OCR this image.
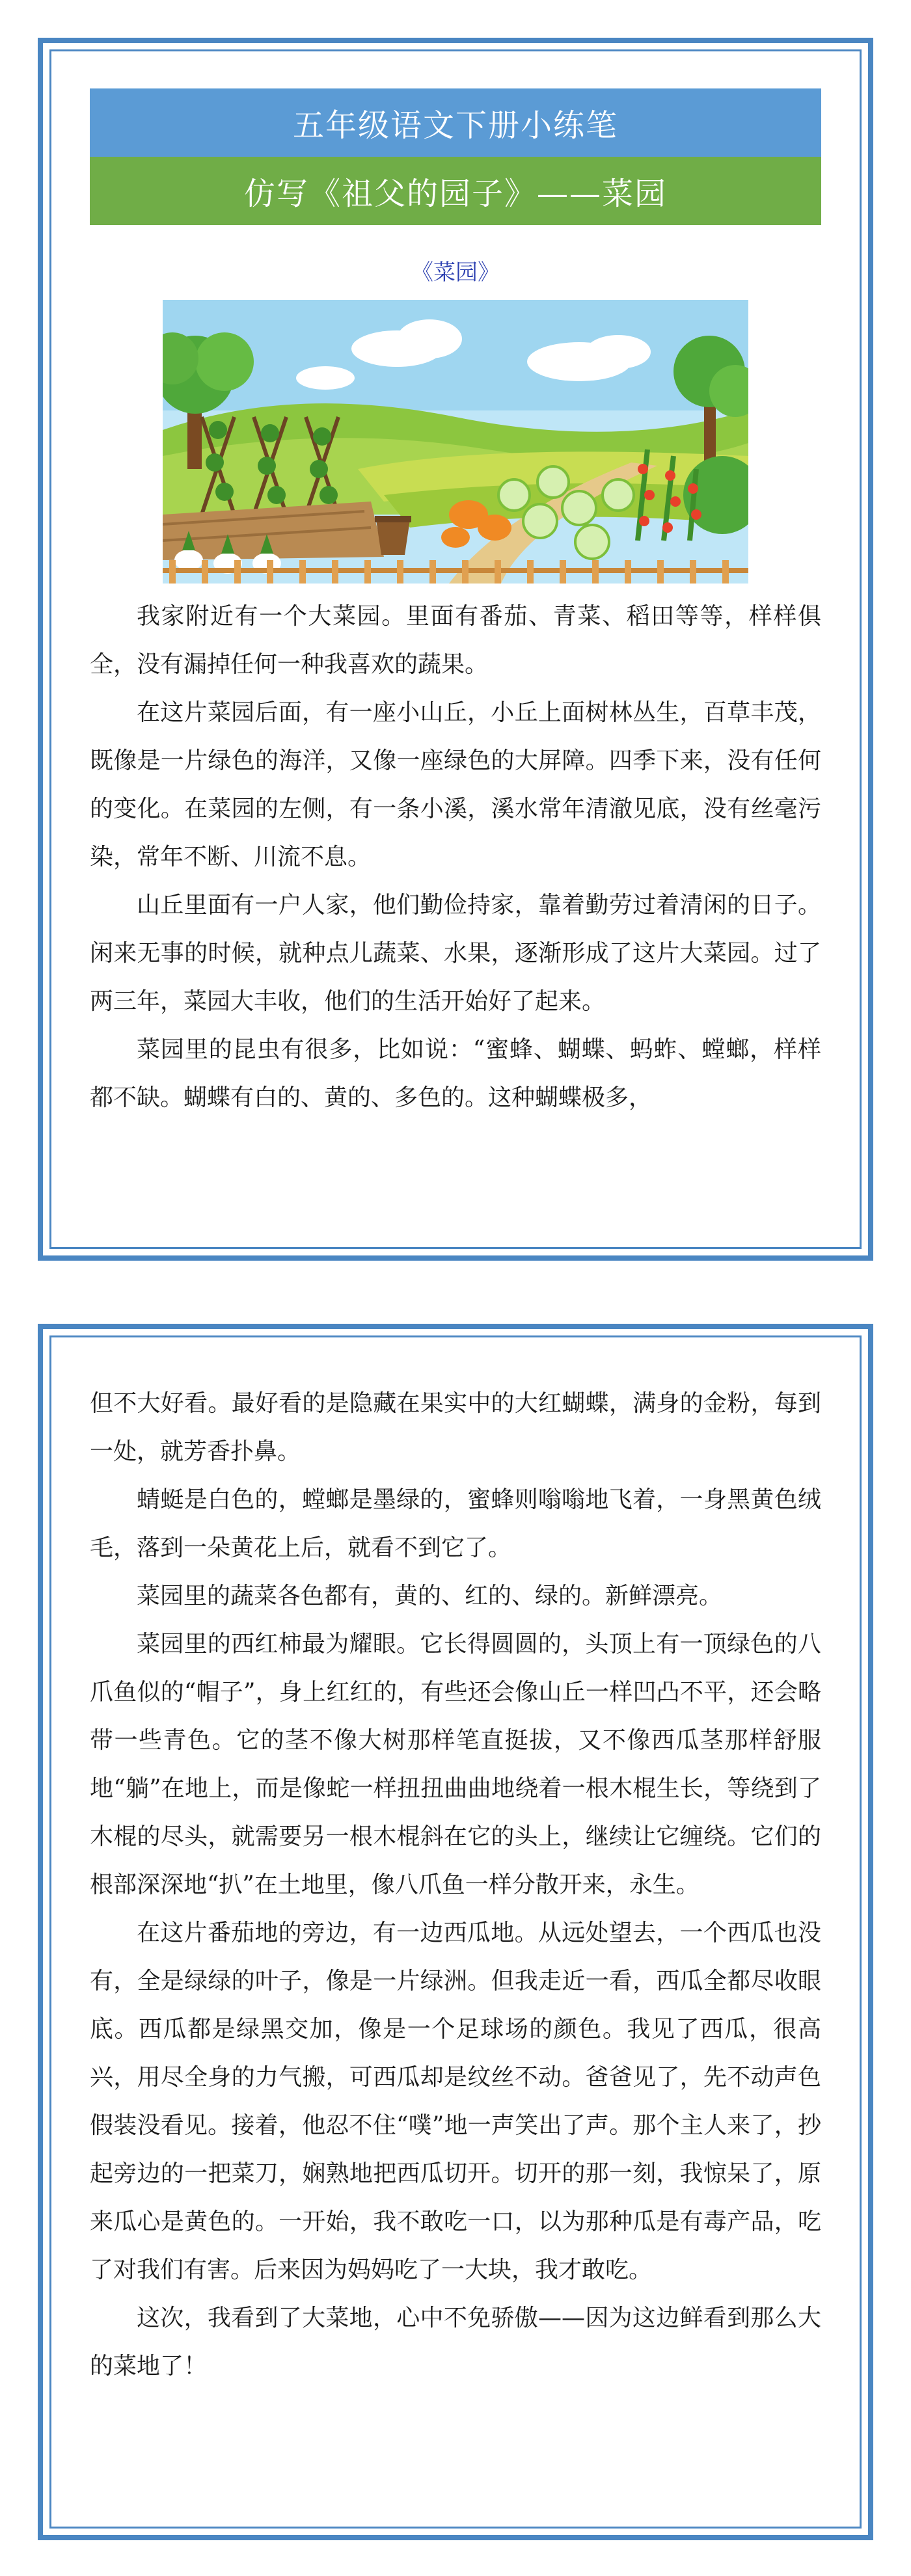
五年级语文下册小练笔
仿写《祖父的园子》——菜园
《菜园》

我家附近有一个大菜园。里面有番茄、青菜、稻田等等，样样俱全，没有漏掉任何一种我喜欢的蔬果。

在这片菜园后面，有一座小山丘，小丘上面树林丛生，百草丰茂，既像是一片绿色的海洋，又像一座绿色的大屏障。四季下来，没有任何的变化。在菜园的左侧，有一条小溪，溪水常年清澈见底，没有丝毫污染，常年不断、川流不息。

山丘里面有一户人家，他们勤俭持家，靠着勤劳过着清闲的日子。闲来无事的时候，就种点儿蔬菜、水果，逐渐形成了这片大菜园。过了两三年，菜园大丰收，他们的生活开始好了起来。

菜园里的昆虫有很多，比如说：“蜜蜂、蝴蝶、蚂蚱、螳螂，样样都不缺。蝴蝶有白的、黄的、多色的。这种蝴蝶极多，

但不大好看。最好看的是隐藏在果实中的大红蝴蝶，满身的金粉，每到一处，就芳香扑鼻。

蜻蜓是白色的，螳螂是墨绿的，蜜蜂则嗡嗡地飞着，一身黑黄色绒毛，落到一朵黄花上后，就看不到它了。

菜园里的蔬菜各色都有，黄的、红的、绿的。新鲜漂亮。

菜园里的西红柿最为耀眼。它长得圆圆的，头顶上有一顶绿色的八爪鱼似的“帽子”，身上红红的，有些还会像山丘一样凹凸不平，还会略带一些青色。它的茎不像大树那样笔直挺拔，又不像西瓜茎那样舒服地“躺”在地上，而是像蛇一样扭扭曲曲地绕着一根木棍生长，等绕到了木棍的尽头，就需要另一根木棍斜在它的头上，继续让它缠绕。它们的根部深深地“扒”在土地里，像八爪鱼一样分散开来，永生。

在这片番茄地的旁边，有一边西瓜地。从远处望去，一个西瓜也没有，全是绿绿的叶子，像是一片绿洲。但我走近一看，西瓜全都尽收眼底。西瓜都是绿黑交加，像是一个足球场的颜色。我见了西瓜，很高兴，用尽全身的力气搬，可西瓜却是纹丝不动。爸爸见了，先不动声色假装没看见。接着，他忍不住“噗”地一声笑出了声。那个主人来了，抄起旁边的一把菜刀，娴熟地把西瓜切开。切开的那一刻，我惊呆了，原来瓜心是黄色的。一开始，我不敢吃一口，以为那种瓜是有毒产品，吃了对我们有害。后来因为妈妈吃了一大块，我才敢吃。

这次，我看到了大菜地，心中不免骄傲——因为这边鲜看到那么大的菜地了！
